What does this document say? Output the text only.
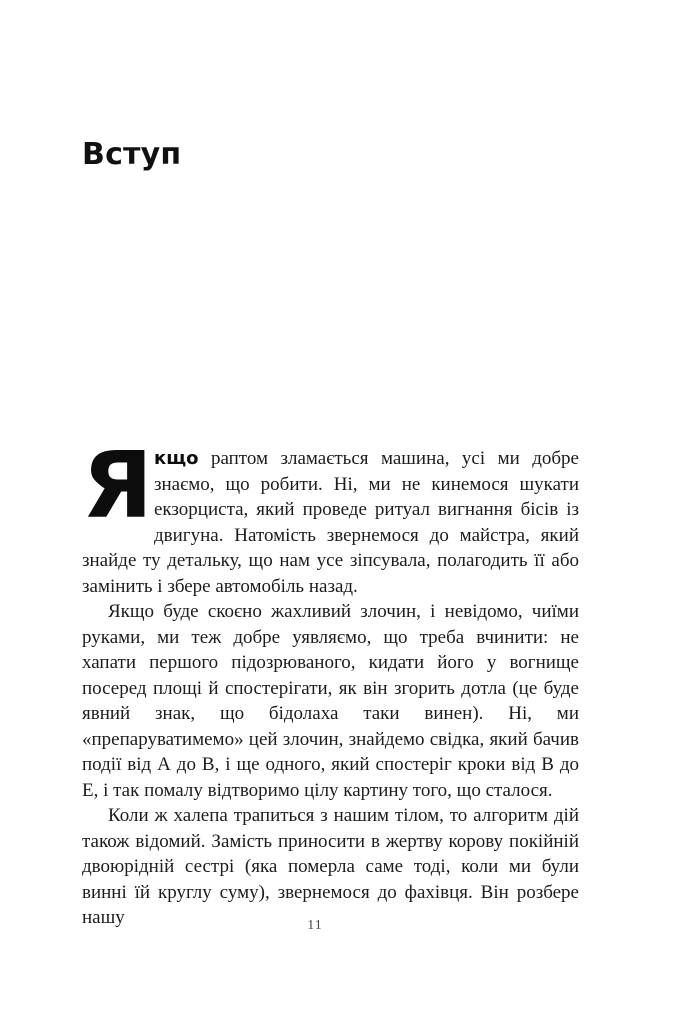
Вступ

Якщо раптом зламається машина, усі ми добре знаємо, що робити. Ні, ми не кинемося шукати екзорциста, який проведе ритуал вигнання бісів із двигуна. Натомість звернемося до майстра, який знайде ту детальку, що нам усе зіпсувала, полагодить її або замінить і збере автомобіль назад.

Якщо буде скоєно жахливий злочин, і невідомо, чиїми руками, ми теж добре уявляємо, що треба вчинити: не хапати першого підозрюваного, кидати його у вогнище посеред площі й спостерігати, як він згорить дотла (це буде явний знак, що бідолаха таки винен). Ні, ми «препаруватимемо» цей злочин, знайдемо свідка, який бачив події від А до В, і ще одного, який спостеріг кроки від В до Е, і так помалу відтворимо цілу картину того, що сталося.

Коли ж халепа трапиться з нашим тілом, то алгоритм дій також відомий. Замість приносити в жертву корову покійній двоюрідній сестрі (яка померла саме тоді, коли ми були винні їй круглу суму), звернемося до фахівця. Він розбере нашу	11
